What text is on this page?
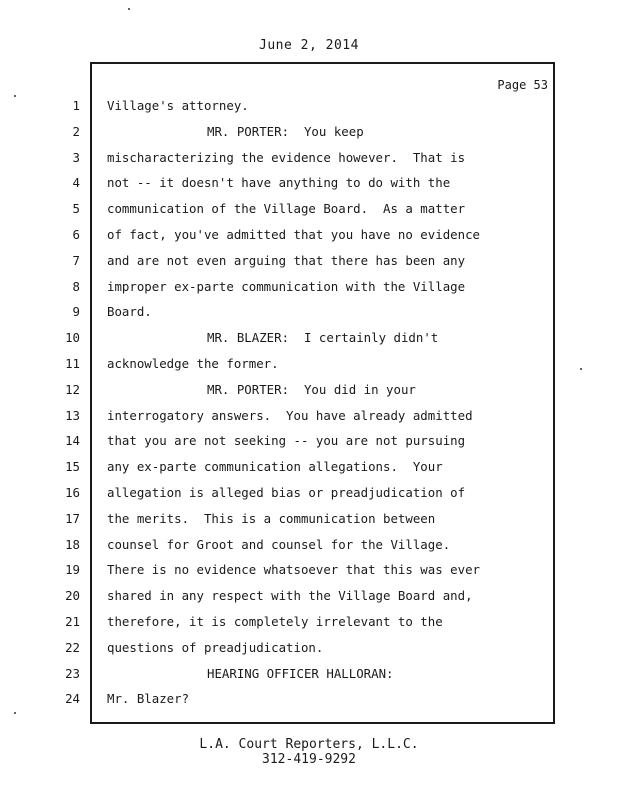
June 2, 2014
Page 53
1 Village's attorney.
2	MR. PORTER:  You keep
3 mischaracterizing the evidence however.  That is
4 not -- it doesn't have anything to do with the
5 communication of the Village Board.  As a matter
6 of fact, you've admitted that you have no evidence
7 and are not even arguing that there has been any
8 improper ex-parte communication with the Village
9 Board.
10	MR. BLAZER:  I certainly didn't
11 acknowledge the former.
12	MR. PORTER:  You did in your
13 interrogatory answers.  You have already admitted
14 that you are not seeking -- you are not pursuing
15 any ex-parte communication allegations.  Your
16 allegation is alleged bias or preadjudication of
17 the merits.  This is a communication between
18 counsel for Groot and counsel for the Village.
19 There is no evidence whatsoever that this was ever
20 shared in any respect with the Village Board and,
21 therefore, it is completely irrelevant to the
22 questions of preadjudication.
23	HEARING OFFICER HALLORAN:
24 Mr. Blazer?
L.A. Court Reporters, L.L.C.
312-419-9292
